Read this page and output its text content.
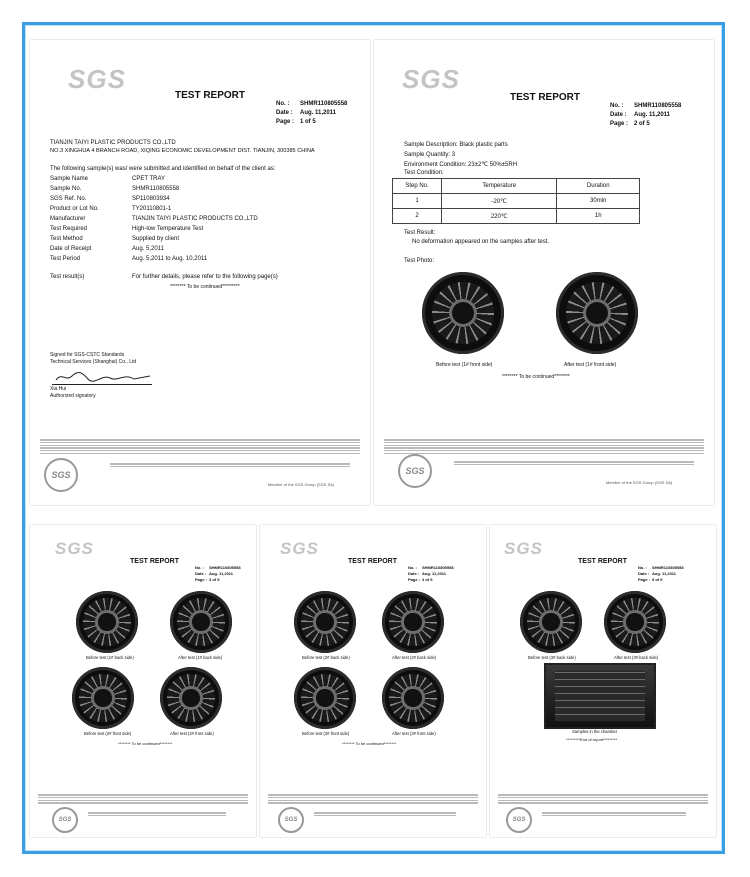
SGS
TEST REPORT
No. : SHMR110805558
Date : Aug. 11,2011
Page : 1 of 5
TIANJIN TAIYI PLASTIC PRODUCTS CO.,LTD
NO.3 XINGHUA 4 BRANCH ROAD, XIQING ECONOMIC DEVELOPMENT DIST. TIANJIN, 300385 CHINA
The following sample(s) was/ were submitted and identified on behalf of the client as:
Sample Name	CPET TRAY
Sample No.	SHMR110805558
SGS Ref. No.	SP110803934
Product or Lot No.	TY20110801-1
Manufacturer	TIANJIN TAIYI PLASTIC PRODUCTS CO.,LTD
Test Required	High-low Temperature Test
Test Method	Supplied by client
Date of Receipt	Aug. 5,2011
Test Period	Aug. 5,2011 to Aug. 10,2011
Test result(s)	For further details, please refer to the following page(s)
******** To be continued*********
Signed for SGS-CSTC Standards
Technical Services (Shanghai) Co., Ltd
Xia Hui
Authorized signatory
SGS
Member of the SGS Group (SGS SA)
SGS
TEST REPORT
No. : SHMR110805558
Date : Aug. 11,2011
Page : 2 of 5
Sample Description: Black plastic parts
Sample Quantity: 3
Environment Condition: 23±2℃ 50%±5RH
Test Condition:
Step No.	Temperature	Duration
1	-20℃	30min
2	220℃	1h
Test Result:
No deformation appeared on the samples after test.
Test Photo:
Before test (1# front side)	After test (1# front side)
******** To be continued********
SGS
Member of the SGS Group (SGS SA)
SGS
TEST REPORT
No. : SHMR110805558
Date : Aug. 11,2011
Page : 3 of 5
Before test (1# back side)	After test (1# back side)
Before test (2# front side)	After test (2# front side)
******** To be continued********
SGS
SGS
TEST REPORT
No. : SHMR110805558
Date : Aug. 11,2011
Page : 4 of 5
Before test (2# back side)	After test (2# back side)
Before test (3# front side)	After test (3# front side)
******** To be continued********
SGS
SGS
TEST REPORT
No. : SHMR110805558
Date : Aug. 11,2011
Page : 5 of 5
Before test (3# back side)	After test (3# back side)
Samples in the chamber
*********End of report*********
SGS
